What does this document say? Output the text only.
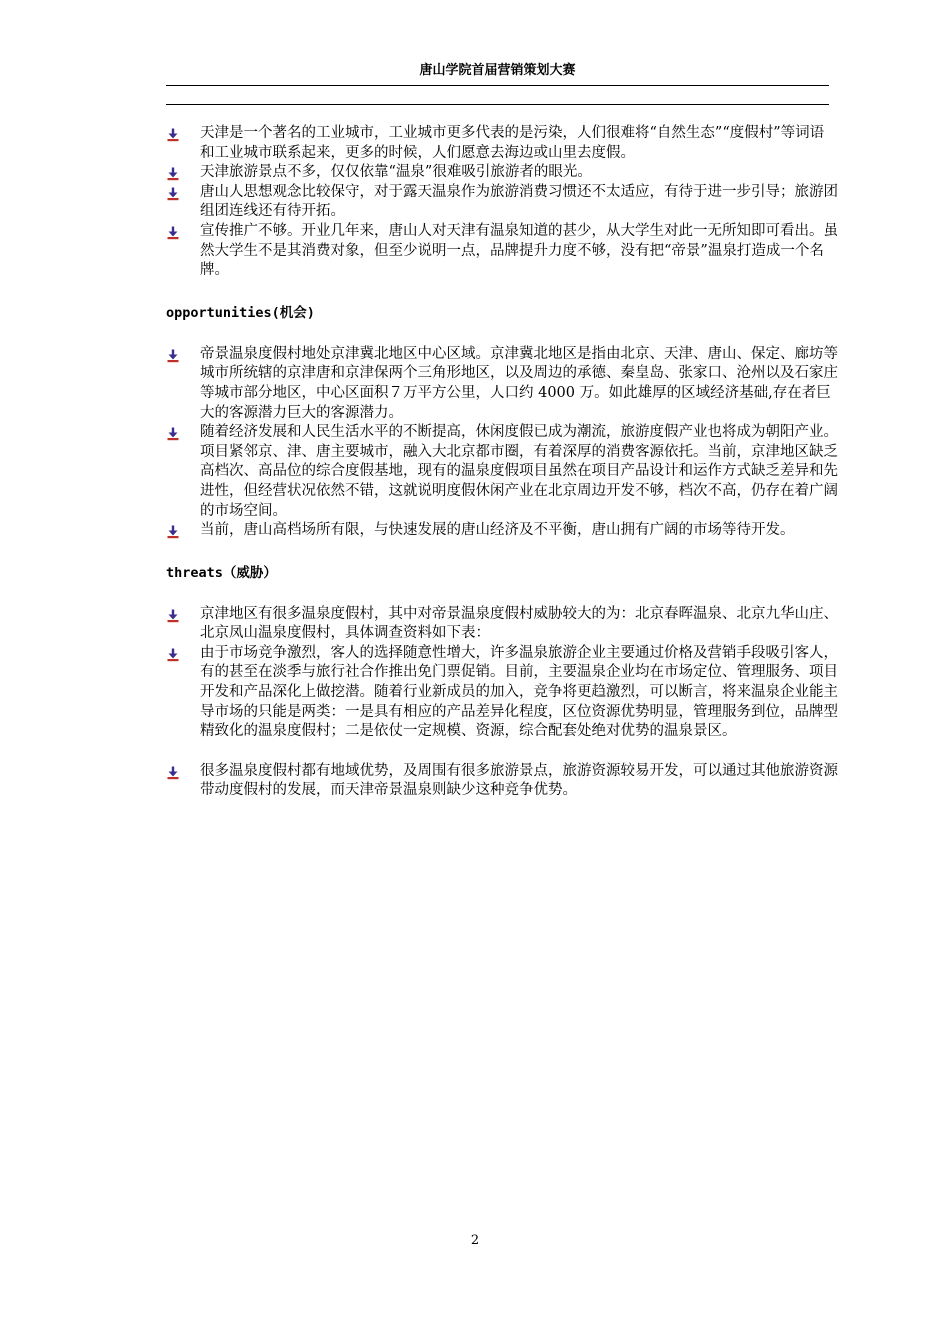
唐山学院首届营销策划大赛
天津是一个著名的工业城市，工业城市更多代表的是污染，人们很难将“自然生态”“度假村”等词语和工业城市联系起来，更多的时候，人们愿意去海边或山里去度假。
天津旅游景点不多，仅仅依靠“温泉”很难吸引旅游者的眼光。
唐山人思想观念比较保守，对于露天温泉作为旅游消费习惯还不太适应，有待于进一步引导；旅游团组团连线还有待开拓。
宣传推广不够。开业几年来，唐山人对天津有温泉知道的甚少，从大学生对此一无所知即可看出。虽然大学生不是其消费对象，但至少说明一点，品牌提升力度不够，没有把“帝景”温泉打造成一个名牌。

opportunities(机会)

帝景温泉度假村地处京津冀北地区中心区域。京津冀北地区是指由北京、天津、唐山、保定、廊坊等城市所统辖的京津唐和京津保两个三角形地区，以及周边的承德、秦皇岛、张家口、沧州以及石家庄等城市部分地区，中心区面积７万平方公里，人口约 4000 万。如此雄厚的区域经济基础,存在者巨大的客源潜力巨大的客源潜力。
随着经济发展和人民生活水平的不断提高，休闲度假已成为潮流，旅游度假产业也将成为朝阳产业。项目紧邻京、津、唐主要城市，融入大北京都市圈，有着深厚的消费客源依托。当前，京津地区缺乏高档次、高品位的综合度假基地，现有的温泉度假项目虽然在项目产品设计和运作方式缺乏差异和先进性，但经营状况依然不错，这就说明度假休闲产业在北京周边开发不够，档次不高，仍存在着广阔的市场空间。
当前，唐山高档场所有限，与快速发展的唐山经济及不平衡，唐山拥有广阔的市场等待开发。

threats（威胁）

京津地区有很多温泉度假村，其中对帝景温泉度假村威胁较大的为：北京春晖温泉、北京九华山庄、北京凤山温泉度假村，具体调查资料如下表：
由于市场竞争激烈，客人的选择随意性增大，许多温泉旅游企业主要通过价格及营销手段吸引客人，有的甚至在淡季与旅行社合作推出免门票促销。目前，主要温泉企业均在市场定位、管理服务、项目开发和产品深化上做挖潜。随着行业新成员的加入，竞争将更趋激烈，可以断言，将来温泉企业能主导市场的只能是两类：一是具有相应的产品差异化程度，区位资源优势明显，管理服务到位，品牌型精致化的温泉度假村；二是依仗一定规模、资源，综合配套处绝对优势的温泉景区。
很多温泉度假村都有地域优势，及周围有很多旅游景点，旅游资源较易开发，可以通过其他旅游资源带动度假村的发展，而天津帝景温泉则缺少这种竞争优势。
2
